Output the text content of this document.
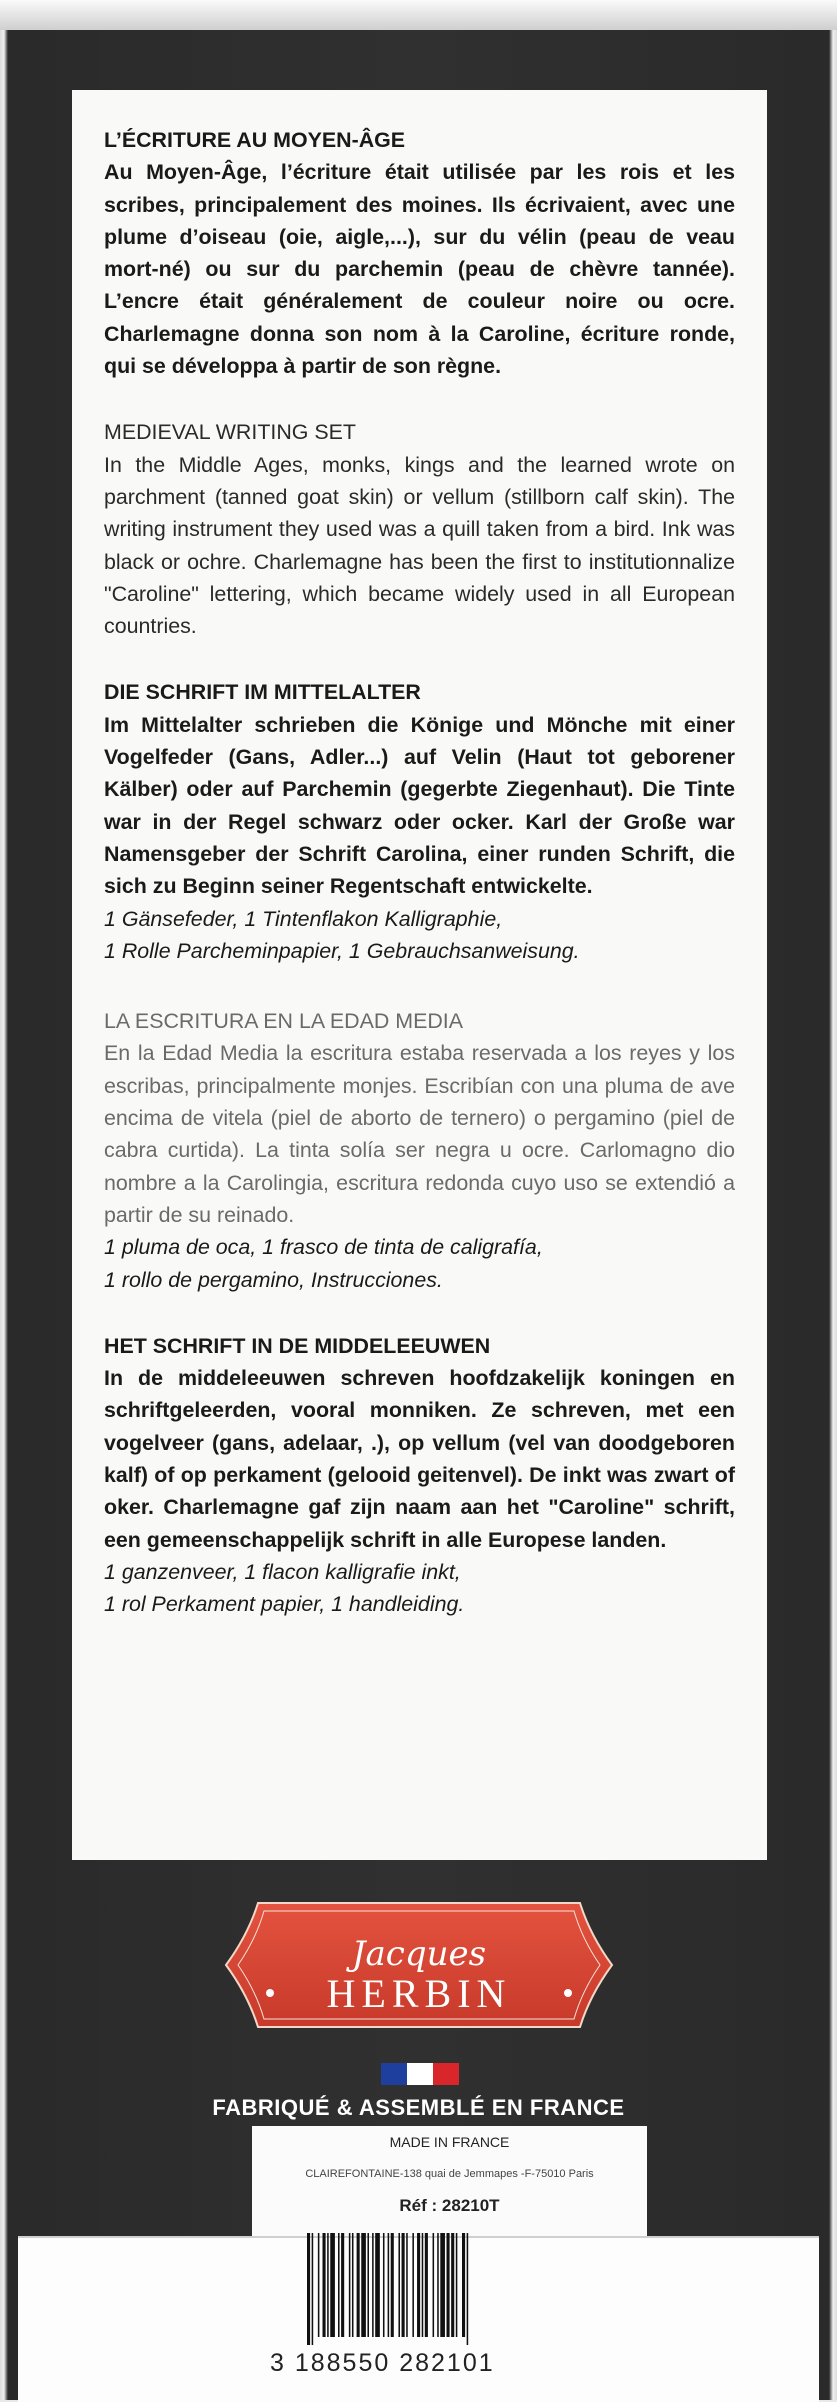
L’ÉCRITURE AU MOYEN-ÂGE

Au Moyen-Âge, l’écriture était utilisée par les rois et les scribes, principalement des moines. Ils écrivaient, avec une plume d’oiseau (oie, aigle,...), sur du vélin (peau de veau mort-né) ou sur du parchemin (peau de chèvre tannée). L’encre était généralement de couleur noire ou ocre. Charlemagne donna son nom à la Caroline, écriture ronde, qui se développa à partir de son règne.

MEDIEVAL WRITING SET

In the Middle Ages, monks, kings and the learned wrote on parchment (tanned goat skin) or vellum (stillborn calf skin). The writing instrument they used was a quill taken from a bird. Ink was black or ochre. Charlemagne has been the first to institutionnalize "Caroline" lettering, which became widely used in all European countries.

DIE SCHRIFT IM MITTELALTER

Im Mittelalter schrieben die Könige und Mönche mit einer Vogelfeder (Gans, Adler...) auf Velin (Haut tot geborener Kälber) oder auf Parchemin (gegerbte Ziegenhaut). Die Tinte war in der Regel schwarz oder ocker. Karl der Große war Namensgeber der Schrift Carolina, einer runden Schrift, die sich zu Beginn seiner Regentschaft entwickelte.

1 Gänsefeder, 1 Tintenflakon Kalligraphie,

1 Rolle Parcheminpapier, 1 Gebrauchsanweisung.

LA ESCRITURA EN LA EDAD MEDIA

En la Edad Media la escritura estaba reservada a los reyes y los escribas, principalmente monjes. Escribían con una pluma de ave encima de vitela (piel de aborto de ternero) o pergamino (piel de cabra curtida). La tinta solía ser negra u ocre. Carlomagno dio nombre a la Carolingia, escritura redonda cuyo uso se extendió a partir de su reinado.

1 pluma de oca, 1 frasco de tinta de caligrafía,

1 rollo de pergamino, Instrucciones.

HET SCHRIFT IN DE MIDDELEEUWEN

In de middeleeuwen schreven hoofdzakelijk koningen en schriftgeleerden, vooral monniken. Ze schreven, met een vogelveer (gans, adelaar, .), op vellum (vel van doodgeboren kalf) of op perkament (gelooid geitenvel). De inkt was zwart of oker. Charlemagne gaf zijn naam aan het "Caroline" schrift, een gemeenschappelijk schrift in alle Europese landen.

1 ganzenveer, 1 flacon kalligrafie inkt,

1 rol Perkament papier, 1 handleiding.

Jacques
HERBIN
FABRIQUÉ & ASSEMBLÉ EN FRANCE
MADE IN FRANCE
CLAIREFONTAINE-138 quai de Jemmapes -F-75010 Paris
Réf : 28210T
3 188550 282101
